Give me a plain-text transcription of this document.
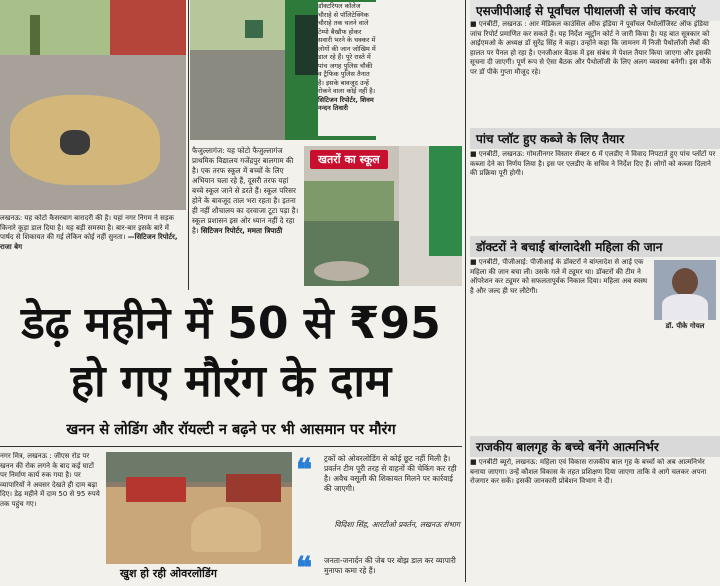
लखनऊ: यह कोटो कैसरबाग बारादरी की है। यहां नगर निगम ने सड़क किनारे कूड़ा डाल दिया है। यह बड़ी समस्या है। बार-बार इसके बारे में पार्षद से शिकायत की गई लेकिन कोई नहीं सुनता। —सिटिजन रिपोर्टर, राजा बेग
डॉक्टरियल कॉलेज चौराहे से पॉलिटेक्निक चौराहे तक चलने वाले टेम्पो बैखौफ होकर सवारी भरने के चक्कर में लोगों की जान जोखिम में डाल रहे हैं। पूरे रास्ते में पांच जगह पुलिस चौकी व ट्रैफिक पुलिस तैनात है। इसके बावजूद उन्हें रोकने वाला कोई नहीं है। सिटिजन रिपोर्टर, शिवम नन्दन तिवारी
फैजुल्लागंज: यह फोटो फैजुल्लागंज प्राथमिक विद्यालय गजेंद्रपुर बालगाम की है। एक तरफ स्कूल में बच्चों के लिए अभियान चला रहे हैं, दूसरी तरफ यहां बच्चे स्कूल जाने से डरते हैं। स्कूल परिसर होने के बावजूद ताल भरा रहता है। इतना ही नहीं शौचालय का दरवाजा टूटा पड़ा है। स्कूल प्रशासन इस ओर ध्यान नहीं दे रहा है। सिटिजन रिपोर्टर, ममता त्रिपाठी
खतरों का स्कूल
डेढ़ महीने में 50 से ₹95
हो गए मौरंग के दाम
खनन से लोडिंग और रॉयल्टी न बढ़ने पर भी आसमान पर मौरंग
नगर मित्र, लखनऊ : जीएस रोड पर खनन की रोक लगने के बाद कई घाटों पर निर्माण कार्य रुक गया है। पर व्यापारियों ने अवसर देखते ही दाम बढ़ा दिए। डेढ़ महीने में दाम 50 से 95 रुपये तक पहुंच गए।
खुश हो रही ओवरलोडिंग
❝ ट्रकों को ओवरलोडिंग से कोई छूट नहीं मिली है। प्रवर्तन टीम पूरी तरह से वाहनों की चेकिंग कर रही है। अवैध वसूली की शिकायत मिलने पर कार्रवाई की जाएगी।
विदिशा सिंह, आरटीओ प्रवर्तन, लखनऊ संभाग
❝ जनता-जनार्दन की जेब पर बोझ डाल कर व्यापारी मुनाफा कमा रहे हैं।
एसजीपीआई से पूर्वांचल पीथालजी से जांच करवाएं
■ एनबीटी, लखनऊ : आर मेडिकल काउंसिल ऑफ इंडिया ने पूर्वांचल पैथोलॉजिस्ट ऑफ इंडिया जांच रिपोर्ट प्रमाणित कर सकते हैं। यह निर्देश न्यूट्रॉन कोर्ट ने जारी किया है। यह बात सूत्रकार को आईएमओ के अध्यक्ष डॉ सुरेंद्र सिंह ने कहा। उन्होंने कहा कि जामनग में निजी पैथोलॉजी लैबों की हालत पर पैनल हो रहा है। एनजीआर बैठक में इस संबंध में पेशल तैयार किया जाएगा और इसकी सूचना दी जाएगी। पूर्ण रूप से ऐसा बैठक और पैथोलॉजी के लिए अलग व्यवस्था बनेगी। इस मौके पर डॉ पीके गुप्ता मौजूद रहे।
पांच प्लॉट हुए कब्जे के लिए तैयार
■ एनबीटी, लखनऊ: गोमतीनगर विस्तार सेक्टर 6 में एलडीए ने विवाद निपटाते हुए पांच प्लॉटों पर कब्जा देने का निर्णय लिया है। इस पर एलडीए के सचिव ने निर्देश दिए हैं। लोगों को कब्जा दिलाने की प्रक्रिया पूरी होगी।
डॉक्टरों ने बचाई बांग्लादेशी महिला की जान
■ एनबीटी, पीजीआई: पीजीआई के डॉक्टरों ने बांग्लादेश से आई एक महिला की जान बचा ली। उसके गले में ट्यूमर था। डॉक्टरों की टीम ने ऑपरेशन कर ट्यूमर को सफलतापूर्वक निकाल दिया। महिला अब स्वस्थ है और जल्द ही घर लौटेगी।
डॉ. पीके गोयल
राजकीय बालगृह के बच्चे बनेंगे आत्मनिर्भर
■ एनबीटी ब्यूरो, लखनऊ: महिला एवं विकास राजकीय बाल गृह के बच्चों को अब आत्मनिर्भर बनाया जाएगा। उन्हें कौशल विकास के तहत प्रशिक्षण दिया जाएगा ताकि वे आगे चलकर अपना रोजगार कर सकें। इसकी जानकारी प्रोबेशन विभाग ने दी।
